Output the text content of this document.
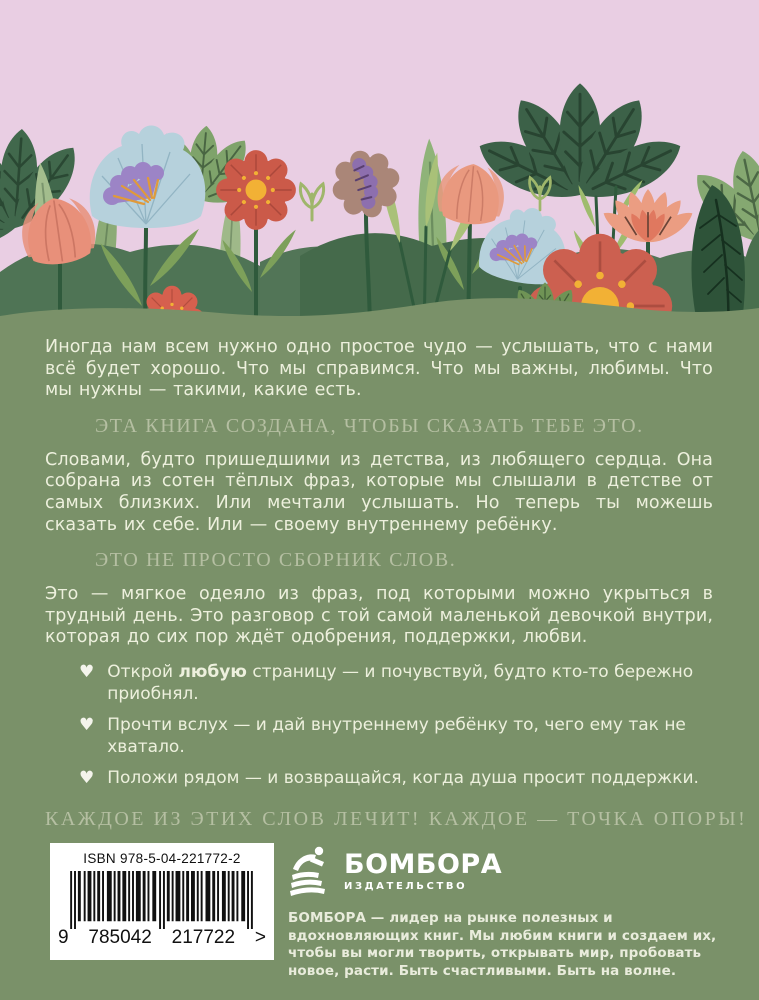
Иногда нам всем нужно одно простое чудо — услышать, что с нами всё будет хорошо. Что мы справимся. Что мы важны, любимы. Что мы нужны — такими, какие есть.

ЭТА КНИГА СОЗДАНА, ЧТОБЫ СКАЗАТЬ ТЕБЕ ЭТО.

Словами, будто пришедшими из детства, из любящего сердца. Она собрана из сотен тёплых фраз, которые мы слышали в детстве от самых близких. Или мечтали услышать. Но теперь ты можешь сказать их себе. Или — своему внутреннему ребёнку.

ЭТО НЕ ПРОСТО СБОРНИК СЛОВ.

Это — мягкое одеяло из фраз, под которыми можно укрыться в трудный день. Это разговор с той самой маленькой девочкой внутри, которая до сих пор ждёт одобрения, поддержки, любви.

♥ Открой любую страницу — и почувствуй, будто кто-то бережно приобнял.
♥ Прочти вслух — и дай внутреннему ребёнку то, чего ему так не хватало.
♥ Положи рядом — и возвращайся, когда душа просит поддержки.
КАЖДОЕ ИЗ ЭТИХ СЛОВ ЛЕЧИТ! КАЖДОЕ — ТОЧКА ОПОРЫ!
ISBN 978-5-04-221772-2
9 785042 217722 >
БОМБОРА
ИЗДАТЕЛЬСТВО
БОМБОРА — лидер на рынке полезных и вдохновляющих книг. Мы любим книги и создаем их, чтобы вы могли творить, открывать мир, пробовать новое, расти. Быть счастливыми. Быть на волне.
